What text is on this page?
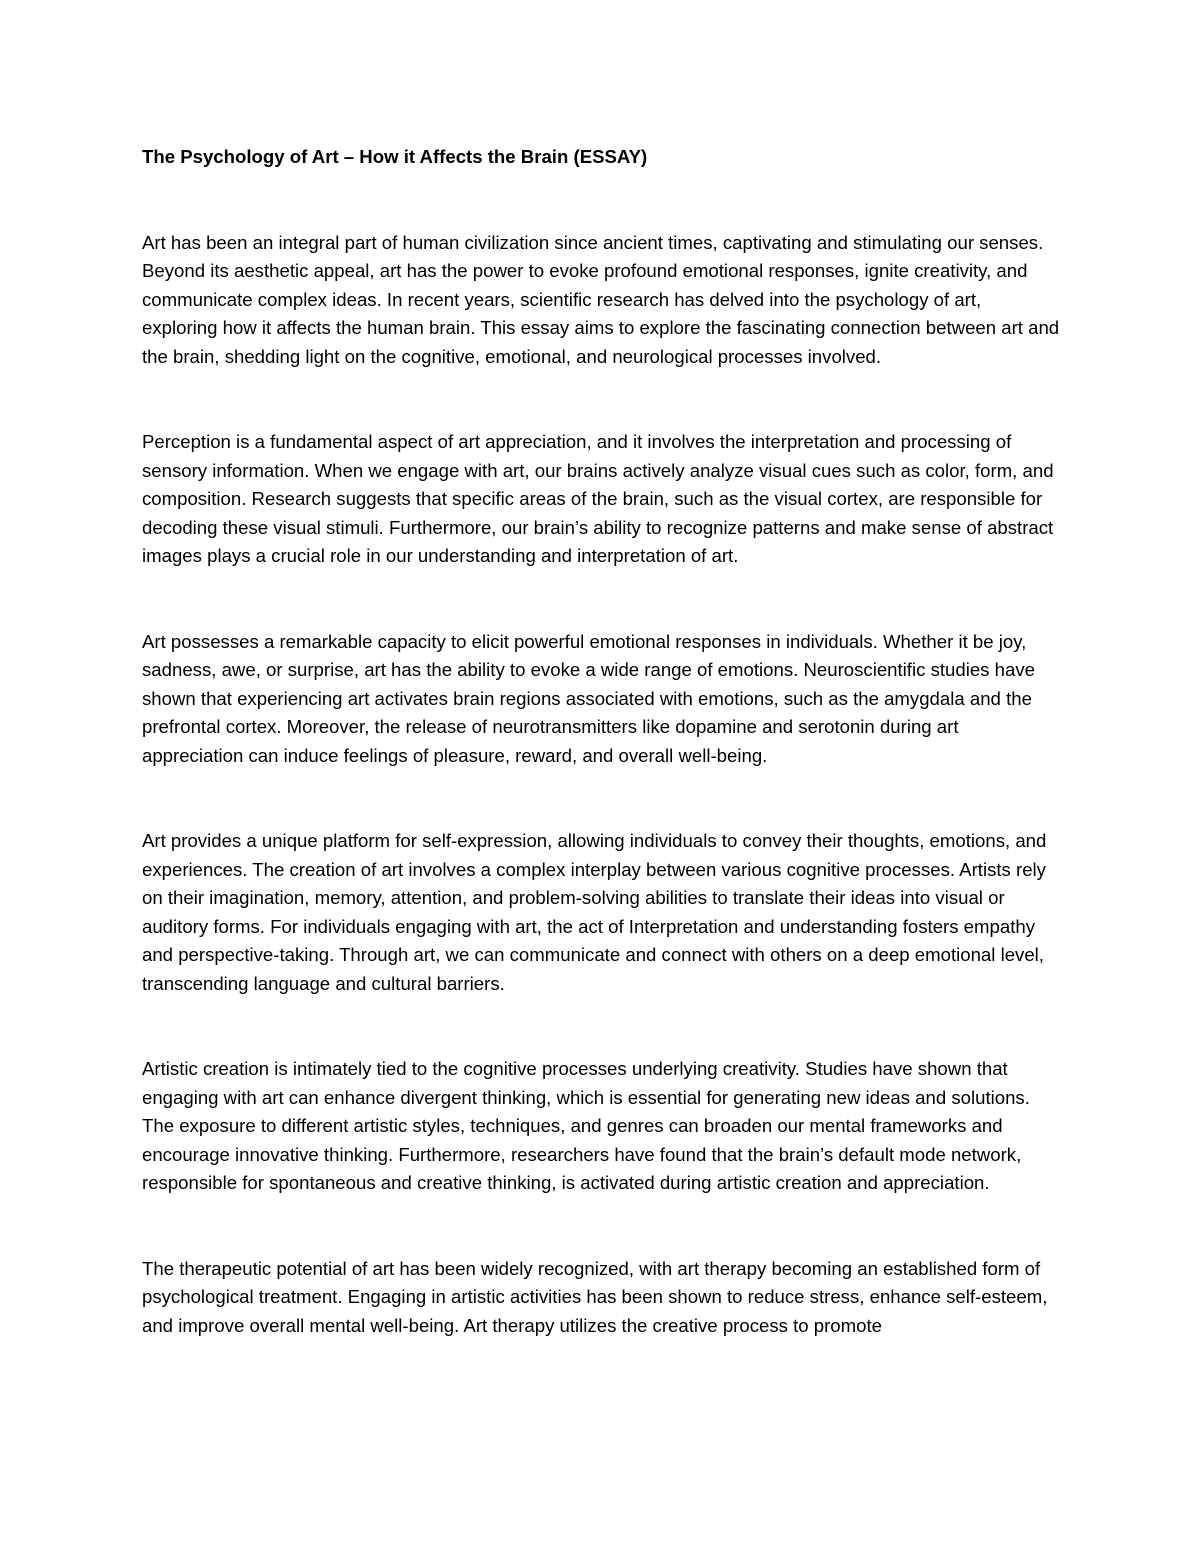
The Psychology of Art – How it Affects the Brain (ESSAY)

Art has been an integral part of human civilization since ancient times, captivating and stimulating our senses. Beyond its aesthetic appeal, art has the power to evoke profound emotional responses, ignite creativity, and communicate complex ideas. In recent years, scientific research has delved into the psychology of art, exploring how it affects the human brain. This essay aims to explore the fascinating connection between art and the brain, shedding light on the cognitive, emotional, and neurological processes involved.

Perception is a fundamental aspect of art appreciation, and it involves the interpretation and processing of sensory information. When we engage with art, our brains actively analyze visual cues such as color, form, and composition. Research suggests that specific areas of the brain, such as the visual cortex, are responsible for decoding these visual stimuli. Furthermore, our brain’s ability to recognize patterns and make sense of abstract images plays a crucial role in our understanding and interpretation of art.

Art possesses a remarkable capacity to elicit powerful emotional responses in individuals. Whether it be joy, sadness, awe, or surprise, art has the ability to evoke a wide range of emotions. Neuroscientific studies have shown that experiencing art activates brain regions associated with emotions, such as the amygdala and the prefrontal cortex. Moreover, the release of neurotransmitters like dopamine and serotonin during art appreciation can induce feelings of pleasure, reward, and overall well-being.

Art provides a unique platform for self-expression, allowing individuals to convey their thoughts, emotions, and experiences. The creation of art involves a complex interplay between various cognitive processes. Artists rely on their imagination, memory, attention, and problem-solving abilities to translate their ideas into visual or auditory forms. For individuals engaging with art, the act of Interpretation and understanding fosters empathy and perspective-taking. Through art, we can communicate and connect with others on a deep emotional level, transcending language and cultural barriers.

Artistic creation is intimately tied to the cognitive processes underlying creativity. Studies have shown that engaging with art can enhance divergent thinking, which is essential for generating new ideas and solutions. The exposure to different artistic styles, techniques, and genres can broaden our mental frameworks and encourage innovative thinking. Furthermore, researchers have found that the brain’s default mode network, responsible for spontaneous and creative thinking, is activated during artistic creation and appreciation.

The therapeutic potential of art has been widely recognized, with art therapy becoming an established form of psychological treatment. Engaging in artistic activities has been shown to reduce stress, enhance self-esteem, and improve overall mental well-being. Art therapy utilizes the creative process to promote
